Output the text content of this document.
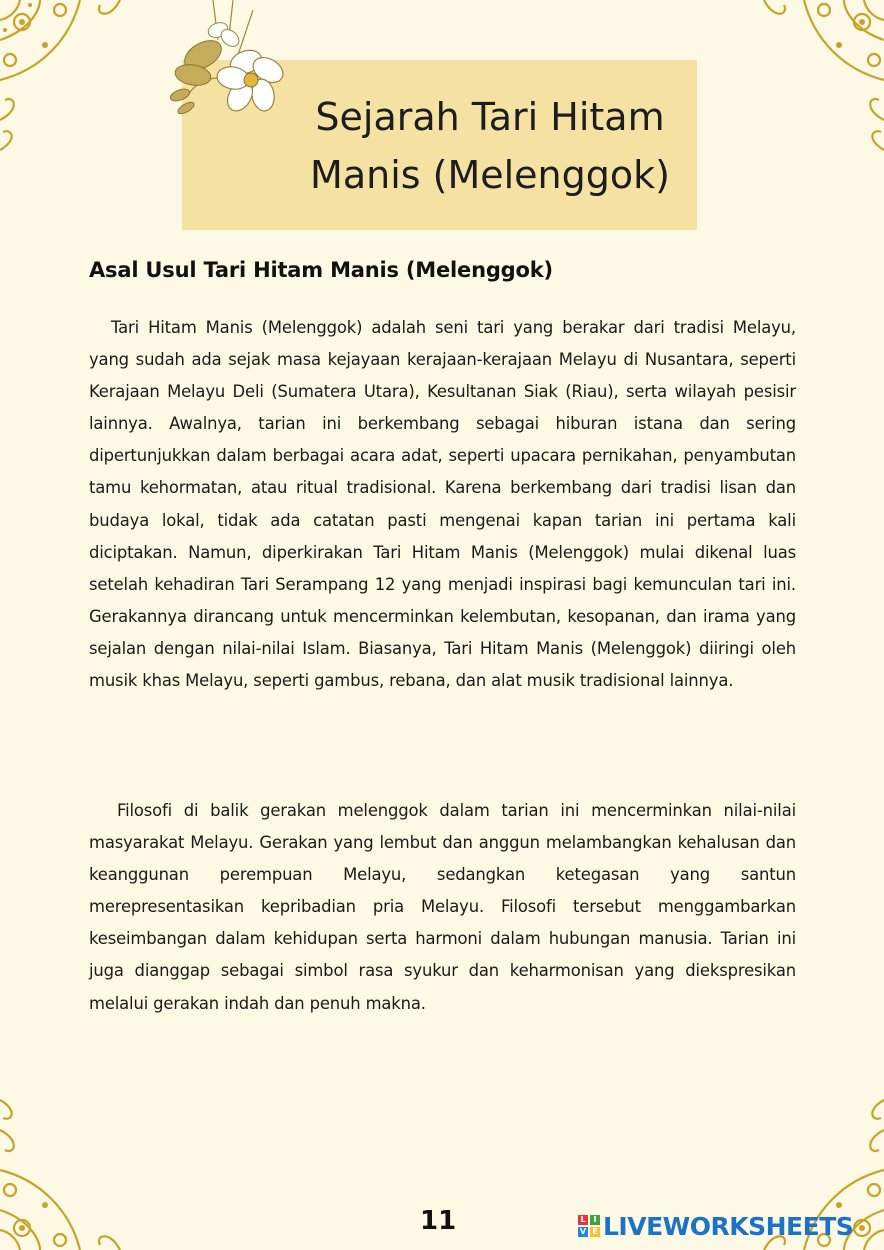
Sejarah Tari Hitam
Manis (Melenggok)
Asal Usul Tari Hitam Manis (Melenggok)

Tari Hitam Manis (Melenggok) adalah seni tari yang berakar dari tradisi Melayu, yang sudah ada sejak masa kejayaan kerajaan-kerajaan Melayu di Nusantara, seperti Kerajaan Melayu Deli (Sumatera Utara), Kesultanan Siak (Riau), serta wilayah pesisir lainnya. Awalnya, tarian ini berkembang sebagai hiburan istana dan sering dipertunjukkan dalam berbagai acara adat, seperti upacara pernikahan, penyambutan tamu kehormatan, atau ritual tradisional. Karena berkembang dari tradisi lisan dan budaya lokal, tidak ada catatan pasti mengenai kapan tarian ini pertama kali diciptakan. Namun, diperkirakan Tari Hitam Manis (Melenggok) mulai dikenal luas setelah kehadiran Tari Serampang 12 yang menjadi inspirasi bagi kemunculan tari ini. Gerakannya dirancang untuk mencerminkan kelembutan, kesopanan, dan irama yang sejalan dengan nilai-nilai Islam. Biasanya, Tari Hitam Manis (Melenggok) diiringi oleh musik khas Melayu, seperti gambus, rebana, dan alat musik tradisional lainnya.

Filosofi di balik gerakan melenggok dalam tarian ini mencerminkan nilai-nilai masyarakat Melayu. Gerakan yang lembut dan anggun melambangkan kehalusan dan keanggunan perempuan Melayu, sedangkan ketegasan yang santun merepresentasikan kepribadian pria Melayu. Filosofi tersebut menggambarkan keseimbangan dalam kehidupan serta harmoni dalam hubungan manusia. Tarian ini juga dianggap sebagai simbol rasa syukur dan keharmonisan yang diekspresikan melalui gerakan indah dan penuh makna.

11	L I
V E LIVEWORKSHEETS
